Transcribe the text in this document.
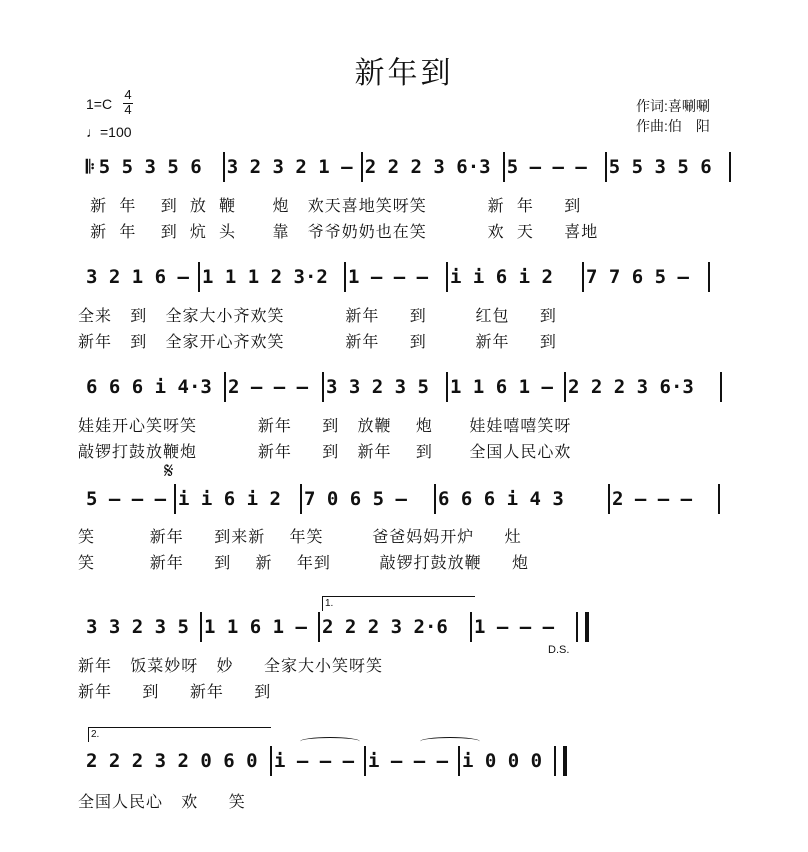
新年到
1=C
4
4
♩=100
作词:喜唰唰
作曲:伯　阳
𝄆 5 5 3 5 6	3 2 3 2 1 – 2 2 2 3 6·3 5 – – –	5 5 3 5 6
新  年    到  放  鞭      炮   欢天喜地笑呀笑          新  年     到
新  年    到  炕  头      靠   爷爷奶奶也在笑          欢  天     喜地
3 2 1 6 – 1 1 1 2 3·2	1 – – –	i i 6 i 2	7 7 6 5 –
全来   到   全家大小齐欢笑          新年     到        红包     到
新年   到   全家开心齐欢笑          新年     到        新年     到
6 6 6 i 4·3 2 – – – 3 3 2 3 5	1 1 6 1 – 2 2 2 3 6·3
娃娃开心笑呀笑          新年     到   放鞭    炮      娃娃嘻嘻笑呀
敲锣打鼓放鞭炮          新年     到   新年    到      全国人民心欢
𝄋
5 – – – i i 6 i 2	7 0 6 5 –	6 6 6 i 4 3	2 – – –
笑         新年     到来新    年笑        爸爸妈妈开炉     灶
笑         新年     到    新    年到        敲锣打鼓放鞭     炮
1.
3 3 2 3 5 1 1 6 1 – 2 2 2 3 2·6	1 – – –
D.S.
新年   饭菜妙呀   妙     全家大小笑呀笑
新年     到     新年     到
2.
2 2 2 3 2 0 6 0 i – – – i – – – i 0 0 0
全国人民心   欢     笑
